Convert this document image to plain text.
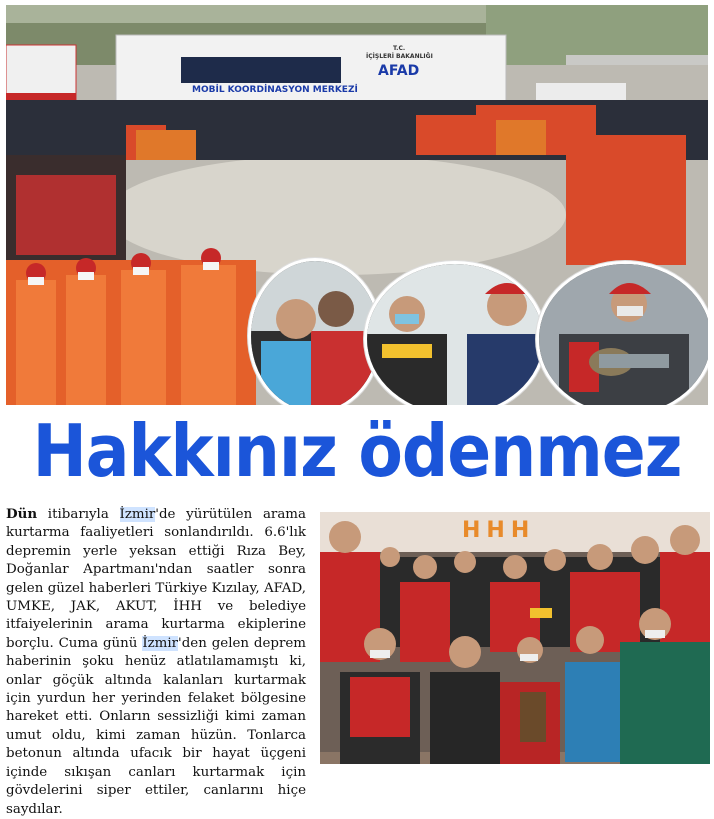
T.C.
İÇİŞLERİ BAKANLIĞI
AFAD
MOBİL KOORDİNASYON MERKEZİ
Hakkınız ödenmez

Dün itibarıyla İzmir'de yürütülen arama kurtarma faaliyetleri sonlandırıldı. 6.6'lık depremin yerle yeksan ettiği Rıza Bey, Doğanlar Apartmanı'ndan saatler sonra gelen güzel haberleri Türkiye Kızılay, AFAD, UMKE, JAK, AKUT, İHH ve belediye itfaiyelerinin arama kurtarma ekiplerine borçlu. Cuma günü İzmir'den gelen deprem haberinin şoku henüz atlatılamamıştı ki, onlar göçük altında kalanları kurtarmak için yurdun her yerinden felaket bölgesine hareket etti. Onların sessizliği kimi zaman umut oldu, kimi zaman hüzün. Tonlarca betonun altında ufacık bir hayat üçgeni içinde sıkışan canları kurtarmak için gövdelerini siper ettiler, canlarını hiçe saydılar.

HHH
